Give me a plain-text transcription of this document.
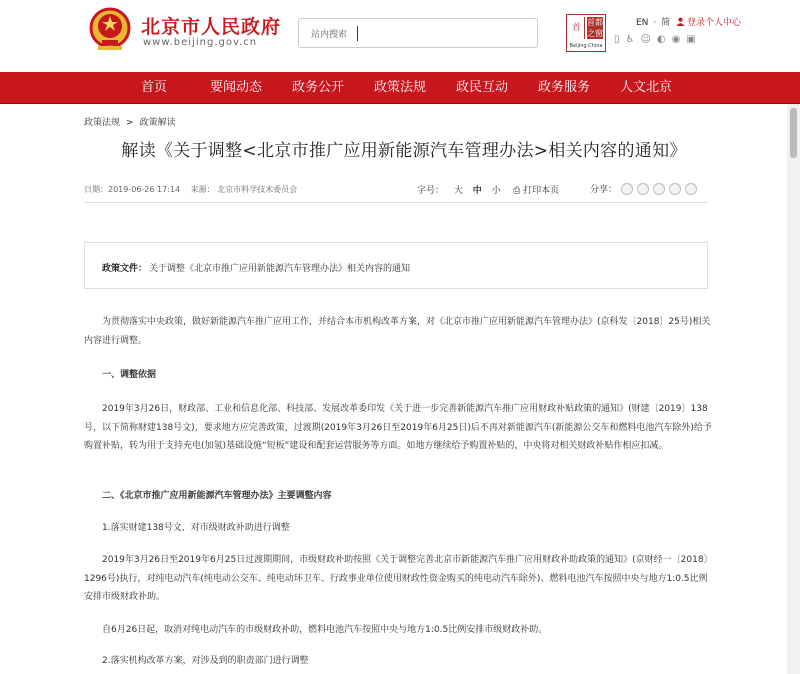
北京市人民政府
www.beijing.gov.cn
站内搜索
首
首都之窗
Beijing·China
EN · 简	登录个人中心
▯ ♿ ☺ ◐ ◉ ▣
首页	要闻动态	政务公开	政策法规	政民互动	政务服务	人文北京
政策法规 > 政策解读
解读《关于调整<北京市推广应用新能源汽车管理办法>相关内容的通知》
日期：2019-06-26 17:14 来源： 北京市科学技术委员会	字号： 大 中 小	⎙ 打印本页	分享：
政策文件： 关于调整《北京市推广应用新能源汽车管理办法》相关内容的通知
为贯彻落实中央政策，做好新能源汽车推广应用工作，并结合本市机构改革方案，对《北京市推广应用新能源汽车管理办法》(京科发〔2018〕25号)相关内容进行调整。
一、调整依据
2019年3月26日，财政部、工业和信息化部、科技部、发展改革委印发《关于进一步完善新能源汽车推广应用财政补贴政策的通知》(财建〔2019〕138号，以下简称财建138号文)，要求地方应完善政策，过渡期(2019年3月26日至2019年6月25日)后不再对新能源汽车(新能源公交车和燃料电池汽车除外)给予购置补贴，转为用于支持充电(加氢)基础设施“短板”建设和配套运营服务等方面。如地方继续给予购置补贴的，中央将对相关财政补贴作相应扣减。
二、《北京市推广应用新能源汽车管理办法》主要调整内容
1.落实财建138号文，对市级财政补助进行调整
2019年3月26日至2019年6月25日过渡期期间，市级财政补助按照《关于调整完善北京市新能源汽车推广应用财政补助政策的通知》(京财经一〔2018〕1296号)执行，对纯电动汽车(纯电动公交车、纯电动环卫车、行政事业单位使用财政性资金购买的纯电动汽车除外)、燃料电池汽车按照中央与地方1:0.5比例安排市级财政补助。
自6月26日起，取消对纯电动汽车的市级财政补助，燃料电池汽车按照中央与地方1:0.5比例安排市级财政补助。
2.落实机构改革方案，对涉及到的职责部门进行调整
